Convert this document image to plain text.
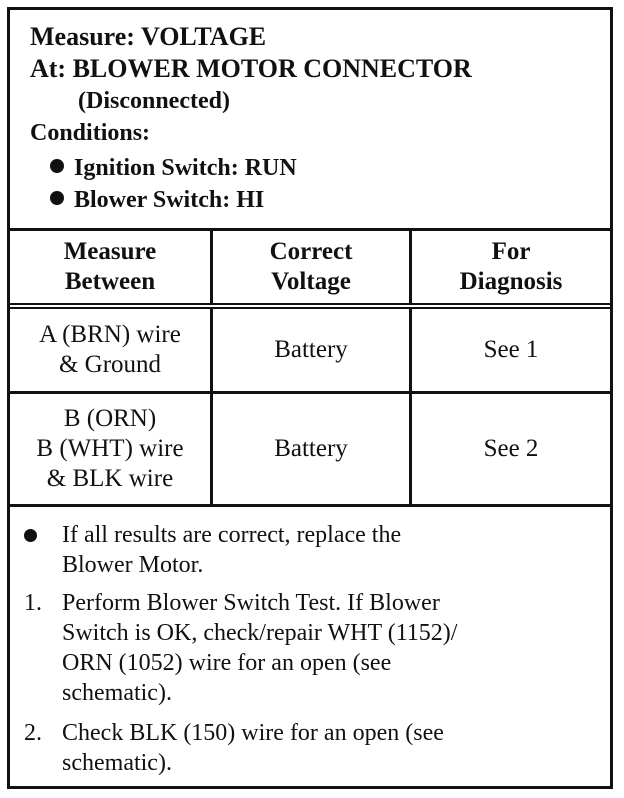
Measure: VOLTAGE
At: BLOWER MOTOR CONNECTOR
(Disconnected)
Conditions:
Ignition Switch: RUN
Blower Switch: HI
Measure
Between
Correct
Voltage
For
Diagnosis
A (BRN) wire
& Ground
Battery	See 1
B (ORN)
B (WHT) wire
& BLK wire
Battery	See 2
If all results are correct, replace the
Blower Motor.
1. Perform Blower Switch Test. If Blower
Switch is OK, check/repair WHT (1152)/
ORN (1052) wire for an open (see
schematic).
2. Check BLK (150) wire for an open (see
schematic).
